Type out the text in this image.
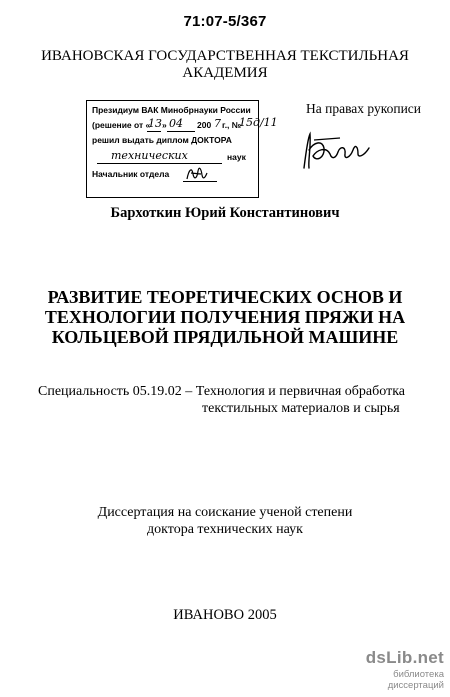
71:07-5/367
ИВАНОВСКАЯ ГОСУДАРСТВЕННАЯ ТЕКСТИЛЬНАЯ
АКАДЕМИЯ
Президиум ВАК Минобрнауки России
(решение от «
13 » 04 200 7 г., №
15д/11
решил выдать диплом ДОКТОРА
технических	наук
Начальник отдела
На правах рукописи
Бархоткин Юрий Константинович
РАЗВИТИЕ ТЕОРЕТИЧЕСКИХ ОСНОВ И
ТЕХНОЛОГИИ ПОЛУЧЕНИЯ ПРЯЖИ НА
КОЛЬЦЕВОЙ ПРЯДИЛЬНОЙ МАШИНЕ
Специальность 05.19.02 – Технология и первичная обработка
текстильных материалов и сырья
Диссертация на соискание ученой степени
доктора технических наук
ИВАНОВО 2005
dsLib.net
библиотека диссертаций
